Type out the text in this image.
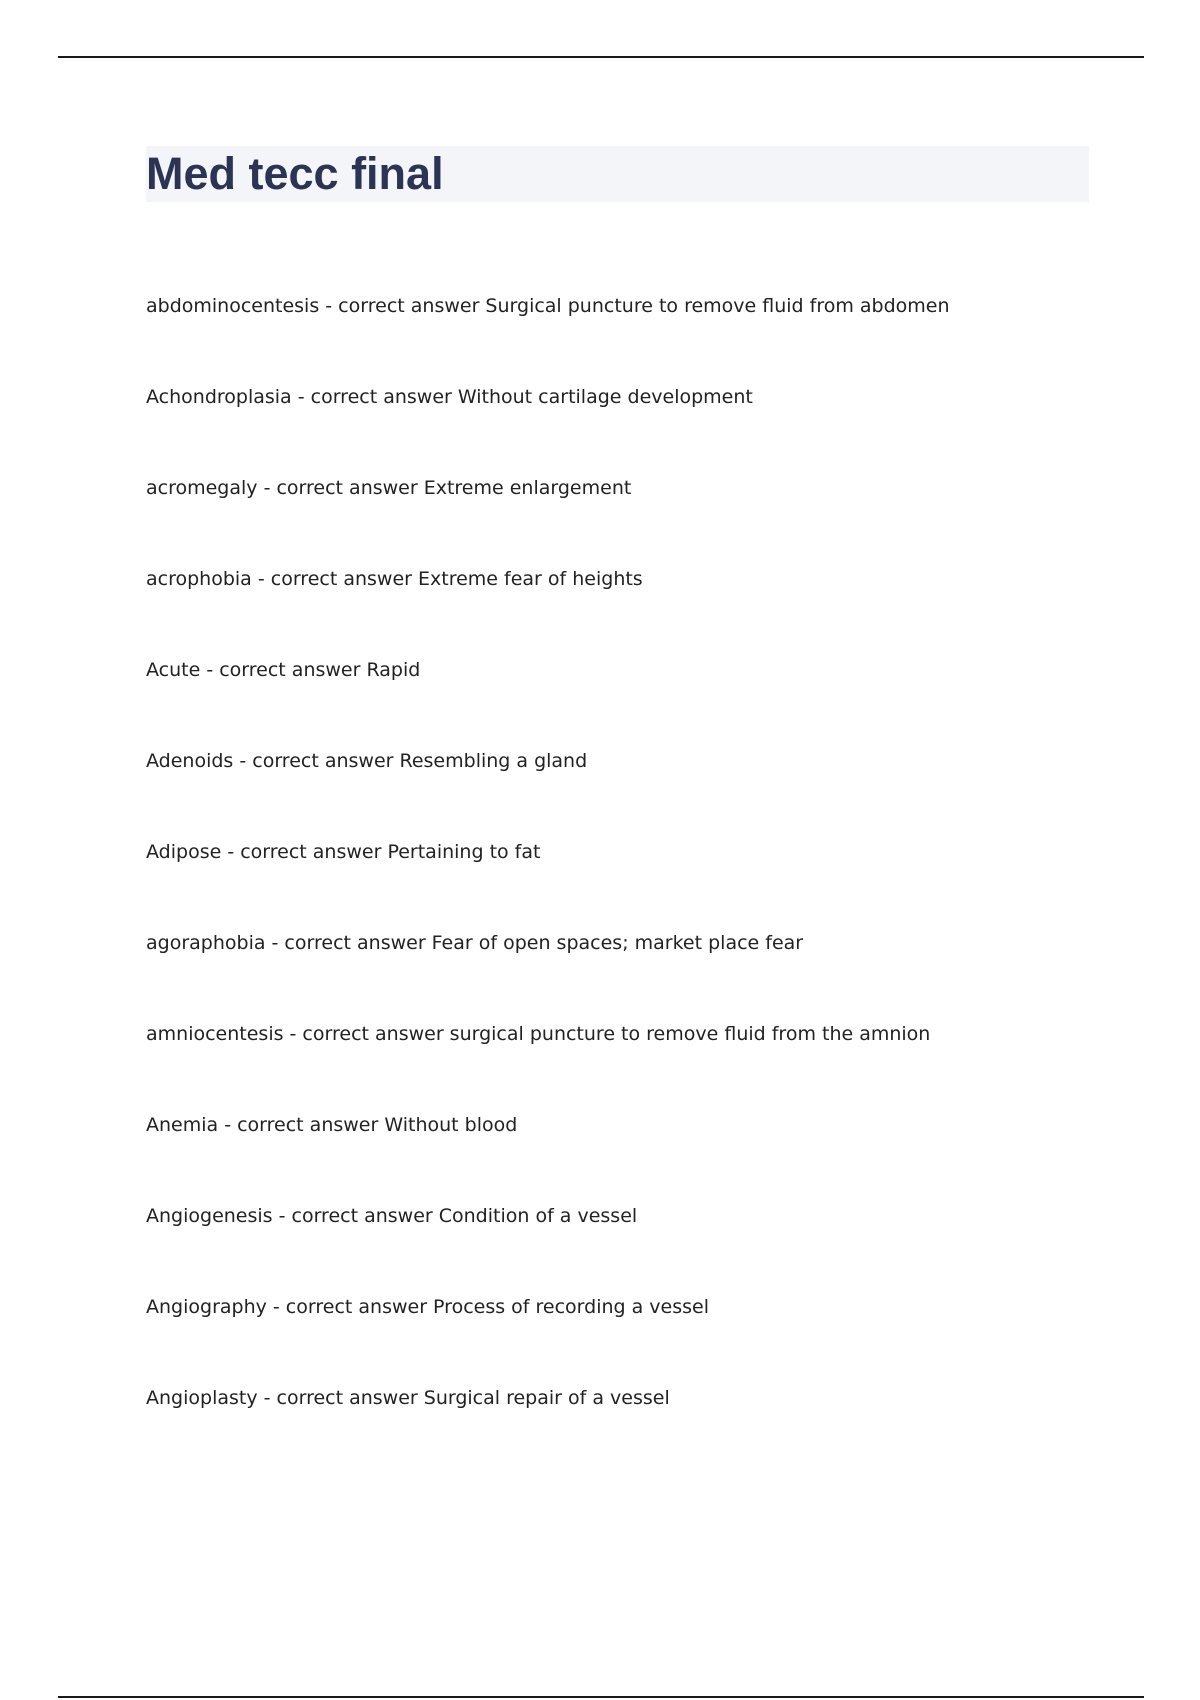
Med tecc final
abdominocentesis - correct answer Surgical puncture to remove fluid from abdomen
Achondroplasia - correct answer Without cartilage development
acromegaly - correct answer Extreme enlargement
acrophobia - correct answer Extreme fear of heights
Acute - correct answer Rapid
Adenoids - correct answer Resembling a gland
Adipose - correct answer Pertaining to fat
agoraphobia - correct answer Fear of open spaces; market place fear
amniocentesis - correct answer surgical puncture to remove fluid from the amnion
Anemia - correct answer Without blood
Angiogenesis - correct answer Condition of a vessel
Angiography - correct answer Process of recording a vessel
Angioplasty - correct answer Surgical repair of a vessel
